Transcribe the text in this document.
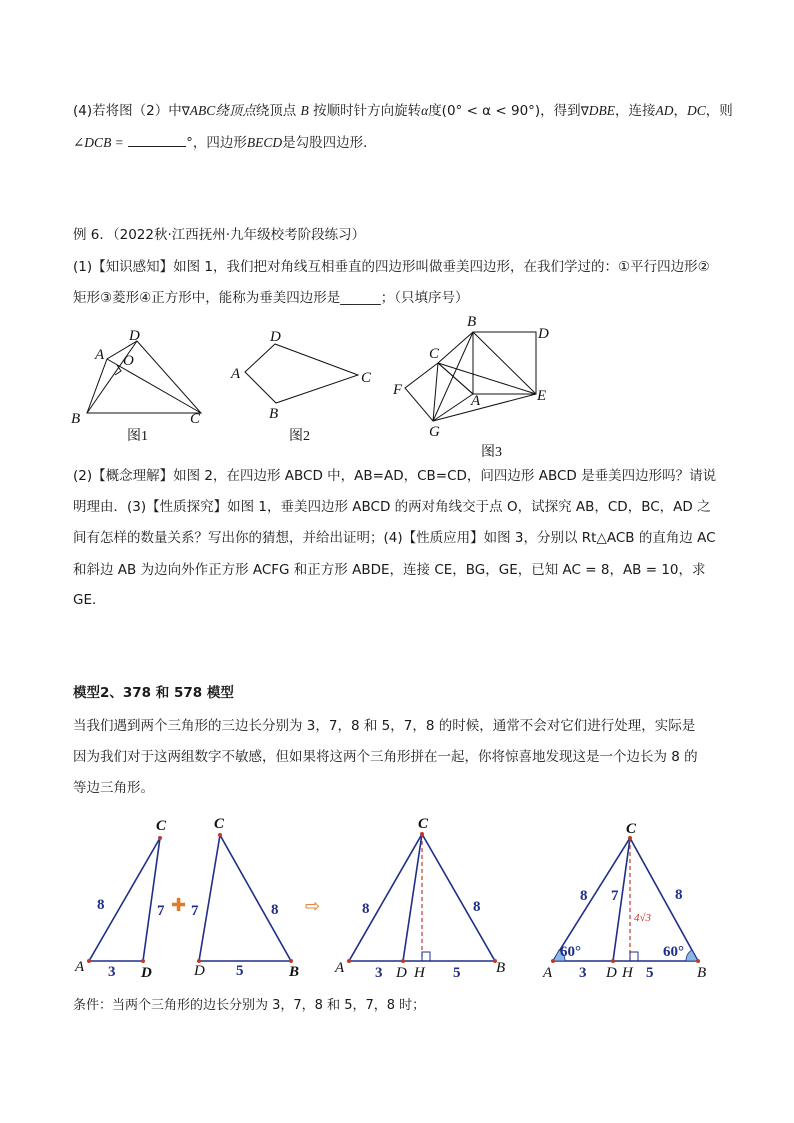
(4)若将图（2）中∇ABC绕顶点绕顶点 B 按顺时针方向旋转α度(0° < α < 90°)，得到∇DBE，连接AD，DC，则
∠DCB =	°，四边形BECD是勾股四边形．
例 6．（2022秋·江西抚州·九年级校考阶段练习）
(1)【知识感知】如图 1，我们把对角线互相垂直的四边形叫做垂美四边形，在我们学过的：①平行四边形②
矩形③菱形④正方形中，能称为垂美四边形是______；（只填序号）
D
A O
B	C
图1
D
A
B
C
图2
B
D
C
F
A	E
G
图3
(2)【概念理解】如图 2，在四边形 ABCD 中，AB=AD，CB=CD，问四边形 ABCD 是垂美四边形吗？请说
明理由．(3)【性质探究】如图 1，垂美四边形 ABCD 的两对角线交于点 O，试探究 AB，CD，BC，AD 之
间有怎样的数量关系？写出你的猜想，并给出证明；(4)【性质应用】如图 3，分别以 Rt△ACB 的直角边 AC
和斜边 AB 为边向外作正方形 ACFG 和正方形 ABDE，连接 CE，BG，GE，已知 AC = 8，AB = 10，求
GE．
模型2、378 和 578 模型
当我们遇到两个三角形的三边长分别为 3，7，8 和 5，7，8 的时候，通常不会对它们进行处理，实际是
因为我们对于这两组数字不敏感，但如果将这两个三角形拼在一起，你将惊喜地发现这是一个边长为 8 的
等边三角形。
C
A	D
8	7
3
✚
C
D	B
7	8
5
⇨
C
A	D H	B
8	8
3	5
C
A	D H	B
8	8
7
3	5
4√3
60°	60°
条件：当两个三角形的边长分别为 3，7，8 和 5，7，8 时；
